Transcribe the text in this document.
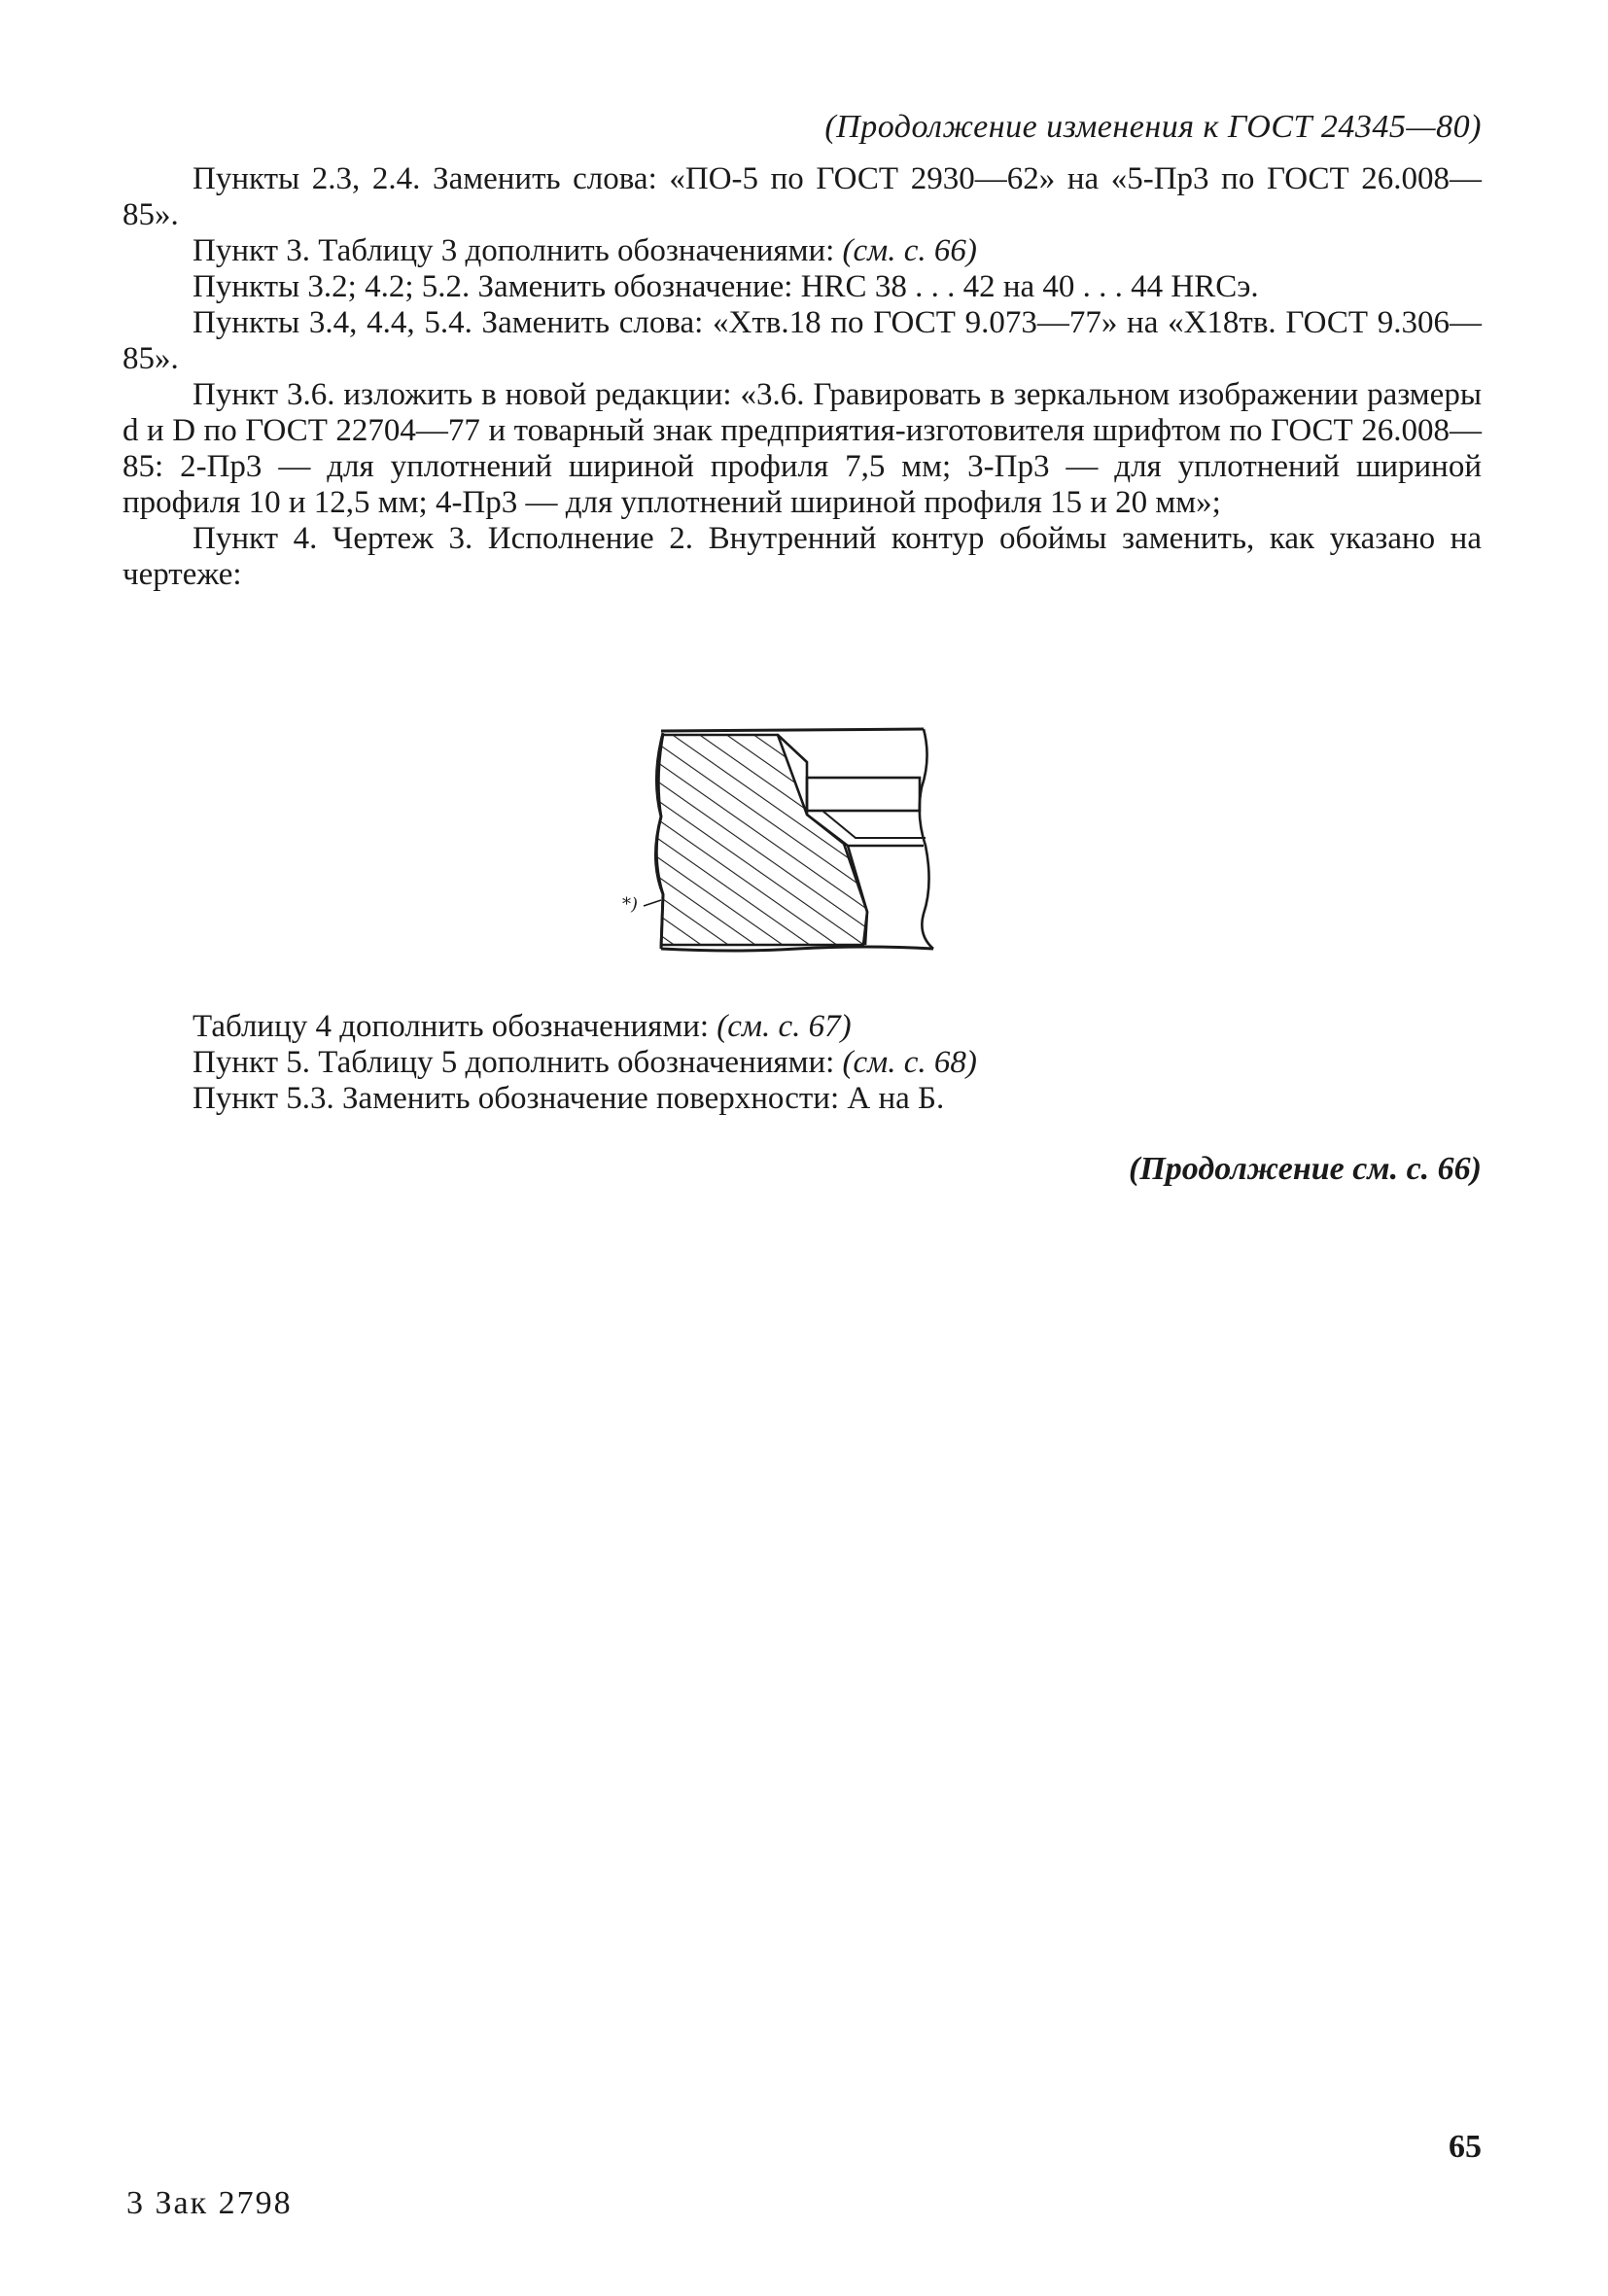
(Продолжение изменения к ГОСТ 24345—80)

Пункты 2.3, 2.4. Заменить слова: «ПО-5 по ГОСТ 2930—62» на «5-Пр3 по ГОСТ 26.008—85».

Пункт 3. Таблицу 3 дополнить обозначениями: (см. с. 66)

Пункты 3.2; 4.2; 5.2. Заменить обозначение: HRC 38 . . . 42 на 40 . . . 44 HRCэ.

Пункты 3.4, 4.4, 5.4. Заменить слова: «Хтв.18 по ГОСТ 9.073—77» на «Х18тв. ГОСТ 9.306—85».

Пункт 3.6. изложить в новой редакции: «3.6. Гравировать в зеркальном изображении размеры d и D по ГОСТ 22704—77 и товарный знак предприятия-изготовителя шрифтом по ГОСТ 26.008—85: 2-Пр3 — для уплотнений шириной профиля 7,5 мм; 3-Пр3 — для уплотнений шириной профиля 10 и 12,5 мм; 4-Пр3 — для уплотнений шириной профиля 15 и 20 мм»;

Пункт 4. Чертеж 3. Исполнение 2. Внутренний контур обоймы заменить, как указано на чертеже:

*)

Таблицу 4 дополнить обозначениями: (см. с. 67)

Пункт 5. Таблицу 5 дополнить обозначениями: (см. с. 68)

Пункт 5.3. Заменить обозначение поверхности: А на Б.

(Продолжение см. с. 66)
65
3 Зак 2798
